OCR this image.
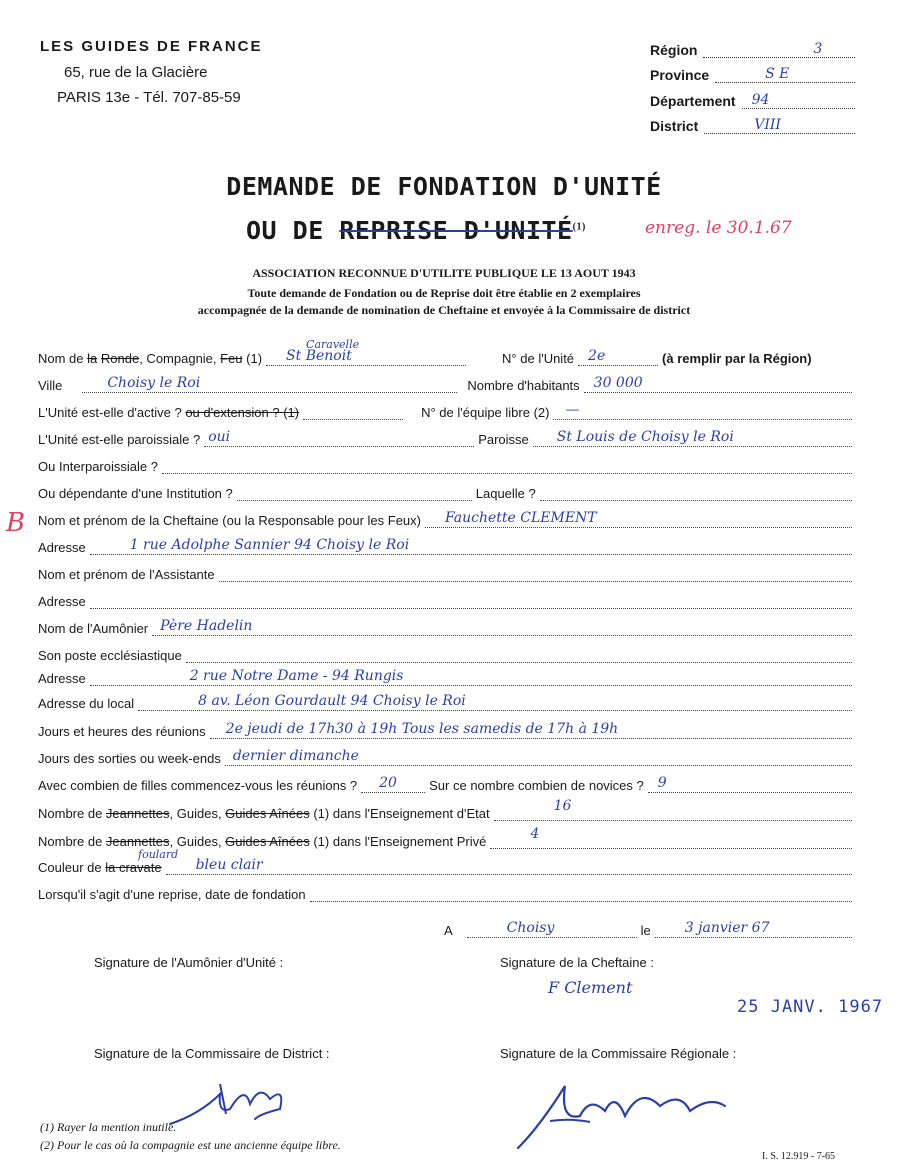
LES GUIDES DE FRANCE
65, rue de la Glacière
PARIS 13e - Tél. 707-85-59
Région	3
Province	S E
Département 94
District	VIII
DEMANDE DE FONDATION D'UNITÉ
OU DE REPRISE D'UNITÉ$^{(1)}$	enreg. le 30.1.67
ASSOCIATION RECONNUE D'UTILITE PUBLIQUE LE 13 AOUT 1943
Toute demande de Fondation ou de Reprise doit être établie en 2 exemplaires
accompagnée de la demande de nomination de Cheftaine et envoyée à la Commissaire de district
Nom de la Ronde, Compagnie, Feu (1)
Caravelle
St Benoit	N° de l'Unité 2e	(à remplir par la Région)
Ville	Choisy le Roi	Nombre d'habitants 30 000
L'Unité est-elle d'active ? ou d'extension ? (1)	N° de l'équipe libre (2) —
L'Unité est-elle paroissiale ? oui	Paroisse St Louis de Choisy le Roi
Ou Interparoissiale ?
Ou dépendante d'une Institution ?	Laquelle ?
B Nom et prénom de la Cheftaine (ou la Responsable pour les Feux) Fauchette CLEMENT
Adresse	1 rue Adolphe Sannier 94 Choisy le Roi
Nom et prénom de l'Assistante
Adresse
Nom de l'Aumônier Père Hadelin
Son poste ecclésiastique
Adresse	2 rue Notre Dame - 94 Rungis
Adresse du local	8 av. Léon Gourdault 94 Choisy le Roi
Jours et heures des réunions 2e jeudi de 17h30 à 19h Tous les samedis de 17h à 19h
Jours des sorties ou week-ends dernier dimanche
Avec combien de filles commencez-vous les réunions ? 20 Sur ce nombre combien de novices ? 9
Nombre de Jeannettes, Guides, Guides Aînées (1) dans l'Enseignement d'Etat	16
Nombre de Jeannettes, Guides, Guides Aînées (1) dans l'Enseignement Privé	4
Couleur de la cravate
foulard
bleu clair
Lorsqu'il s'agit d'une reprise, date de fondation
A	Choisy	le 3 janvier 67
Signature de l'Aumônier d'Unité :	Signature de la Cheftaine :
F Clement
25 JANV. 1967
Signature de la Commissaire de District :	Signature de la Commissaire Régionale :
(1) Rayer la mention inutile.
(2) Pour le cas où la compagnie est une ancienne équipe libre.
I. S. 12.919 - 7-65
